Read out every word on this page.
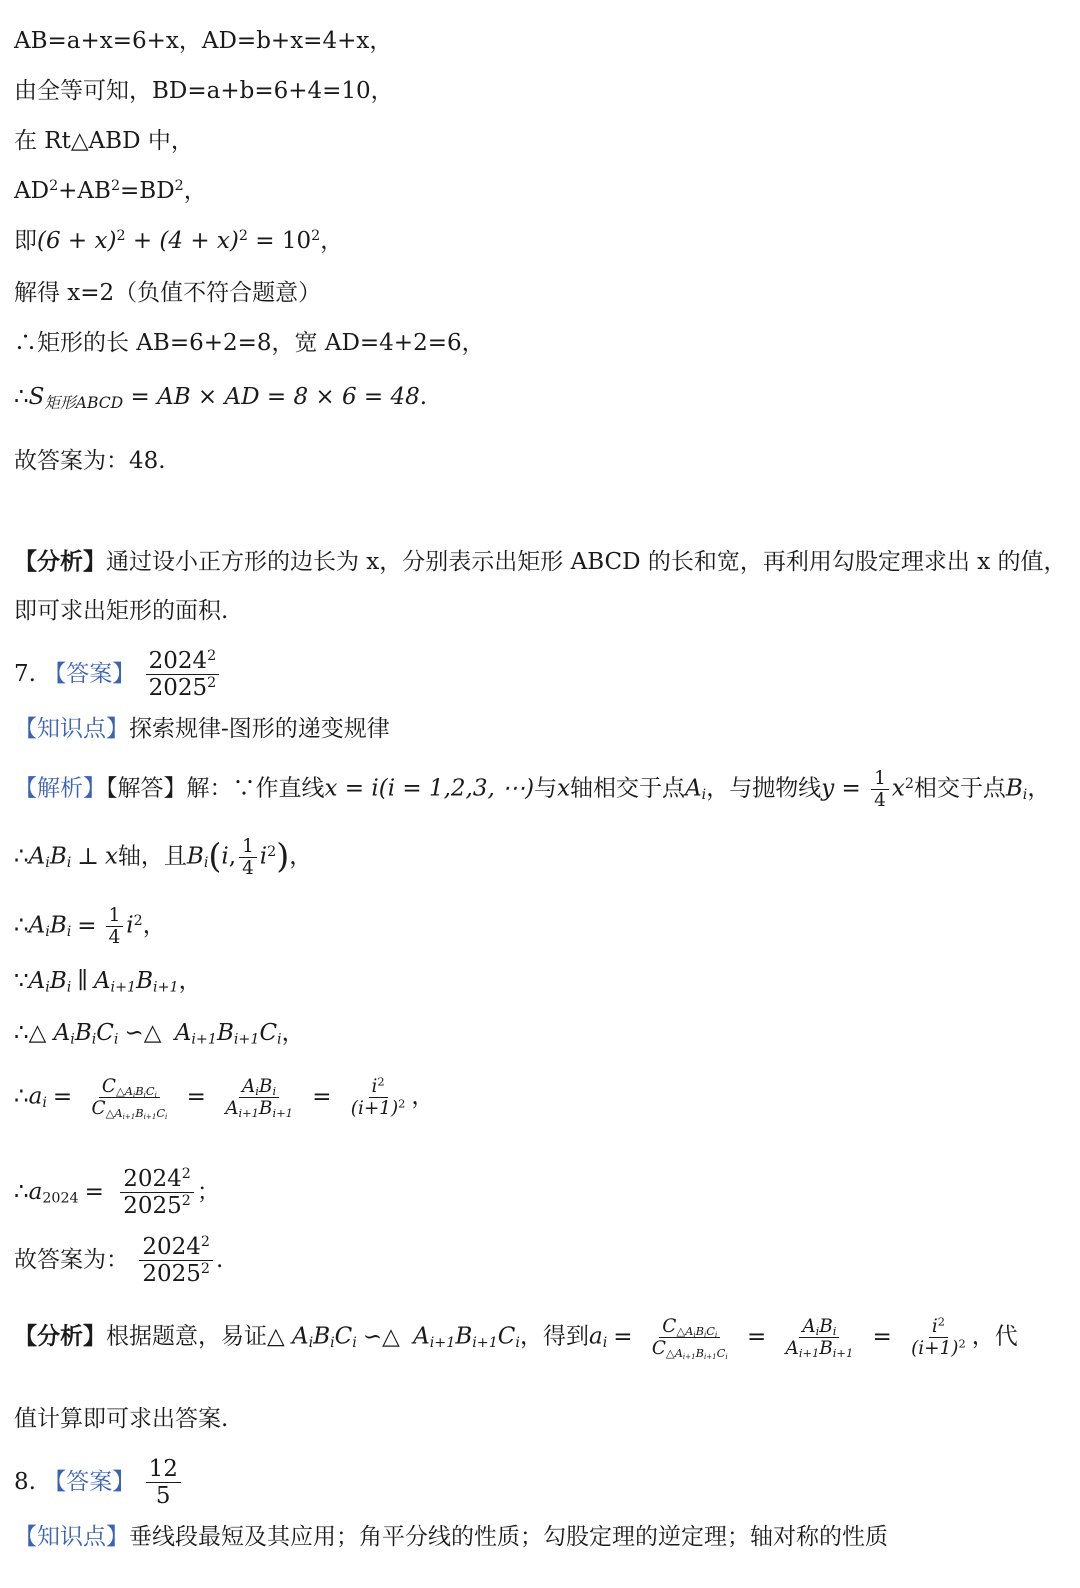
AB=a+x=6+x，AD=b+x=4+x，
由全等可知，BD=a+b=6+4=10，
在 Rt△ABD 中，
$AD^2+AB^2=BD^2$，
即$(6 + x)^2 + (4 + x)^2 = 10^2$，
解得 x=2（负值不符合题意）
∴矩形的长 AB=6+2=8，宽 AD=4+2=6，
$\therefore S_{矩形ABCD}$ = AB × AD = 8 × 6 = 48.
故答案为：48.
【分析】通过设小正方形的边长为 x，分别表示出矩形 ABCD 的长和宽，再利用勾股定理求出 x 的值，
即可求出矩形的面积.
7. 【答案】 $\frac{2024^2}{2025^2}$
【知识点】探索规律-图形的递变规律
【解析】【解答】解：∵作直线x = i(i = 1,2,3, ⋯)与x轴相交于点$A_i$，与抛物线$y = \frac{1}{4} x^2$相交于点$B_i$，
$\therefore A_iB_i$ ⊥ x轴，且$B_i(i$, $\frac{1}{4} i^2$)，
$\therefore A_iB_i = \frac{1}{4} i^2$，
$\because A_iB_i$ ∥ $A_{i+1}B_{i+1}$，
∴△ $A_iB_iC_i$ ∽△ $A_{i+1}B_{i+1}C_i$，
$\therefore a_i = \frac{C_{\triangle A_iB_iC_i}}{C_{\triangle A_{i+1}B_{i+1}C_i}} = \frac{A_iB_i}{A_{i+1}B_{i+1}} = \frac{i^2}{(i+1)^2}$ ，
$\therefore a_{2024} = \frac{2024^2}{2025^2}$ ；
故答案为： $\frac{2024^2}{2025^2}$ .
【分析】根据题意，易证△ $A_iB_iC_i$ ∽△ $A_{i+1}B_{i+1}C_i$，得到$a_i = \frac{C_{\triangle A_iB_iC_i}}{C_{\triangle A_{i+1}B_{i+1}C_i}} = \frac{A_iB_i}{A_{i+1}B_{i+1}} = \frac{i^2}{(i+1)^2}$ ，代
值计算即可求出答案.
8. 【答案】 $\frac{12}{5}$
【知识点】垂线段最短及其应用；角平分线的性质；勾股定理的逆定理；轴对称的性质
